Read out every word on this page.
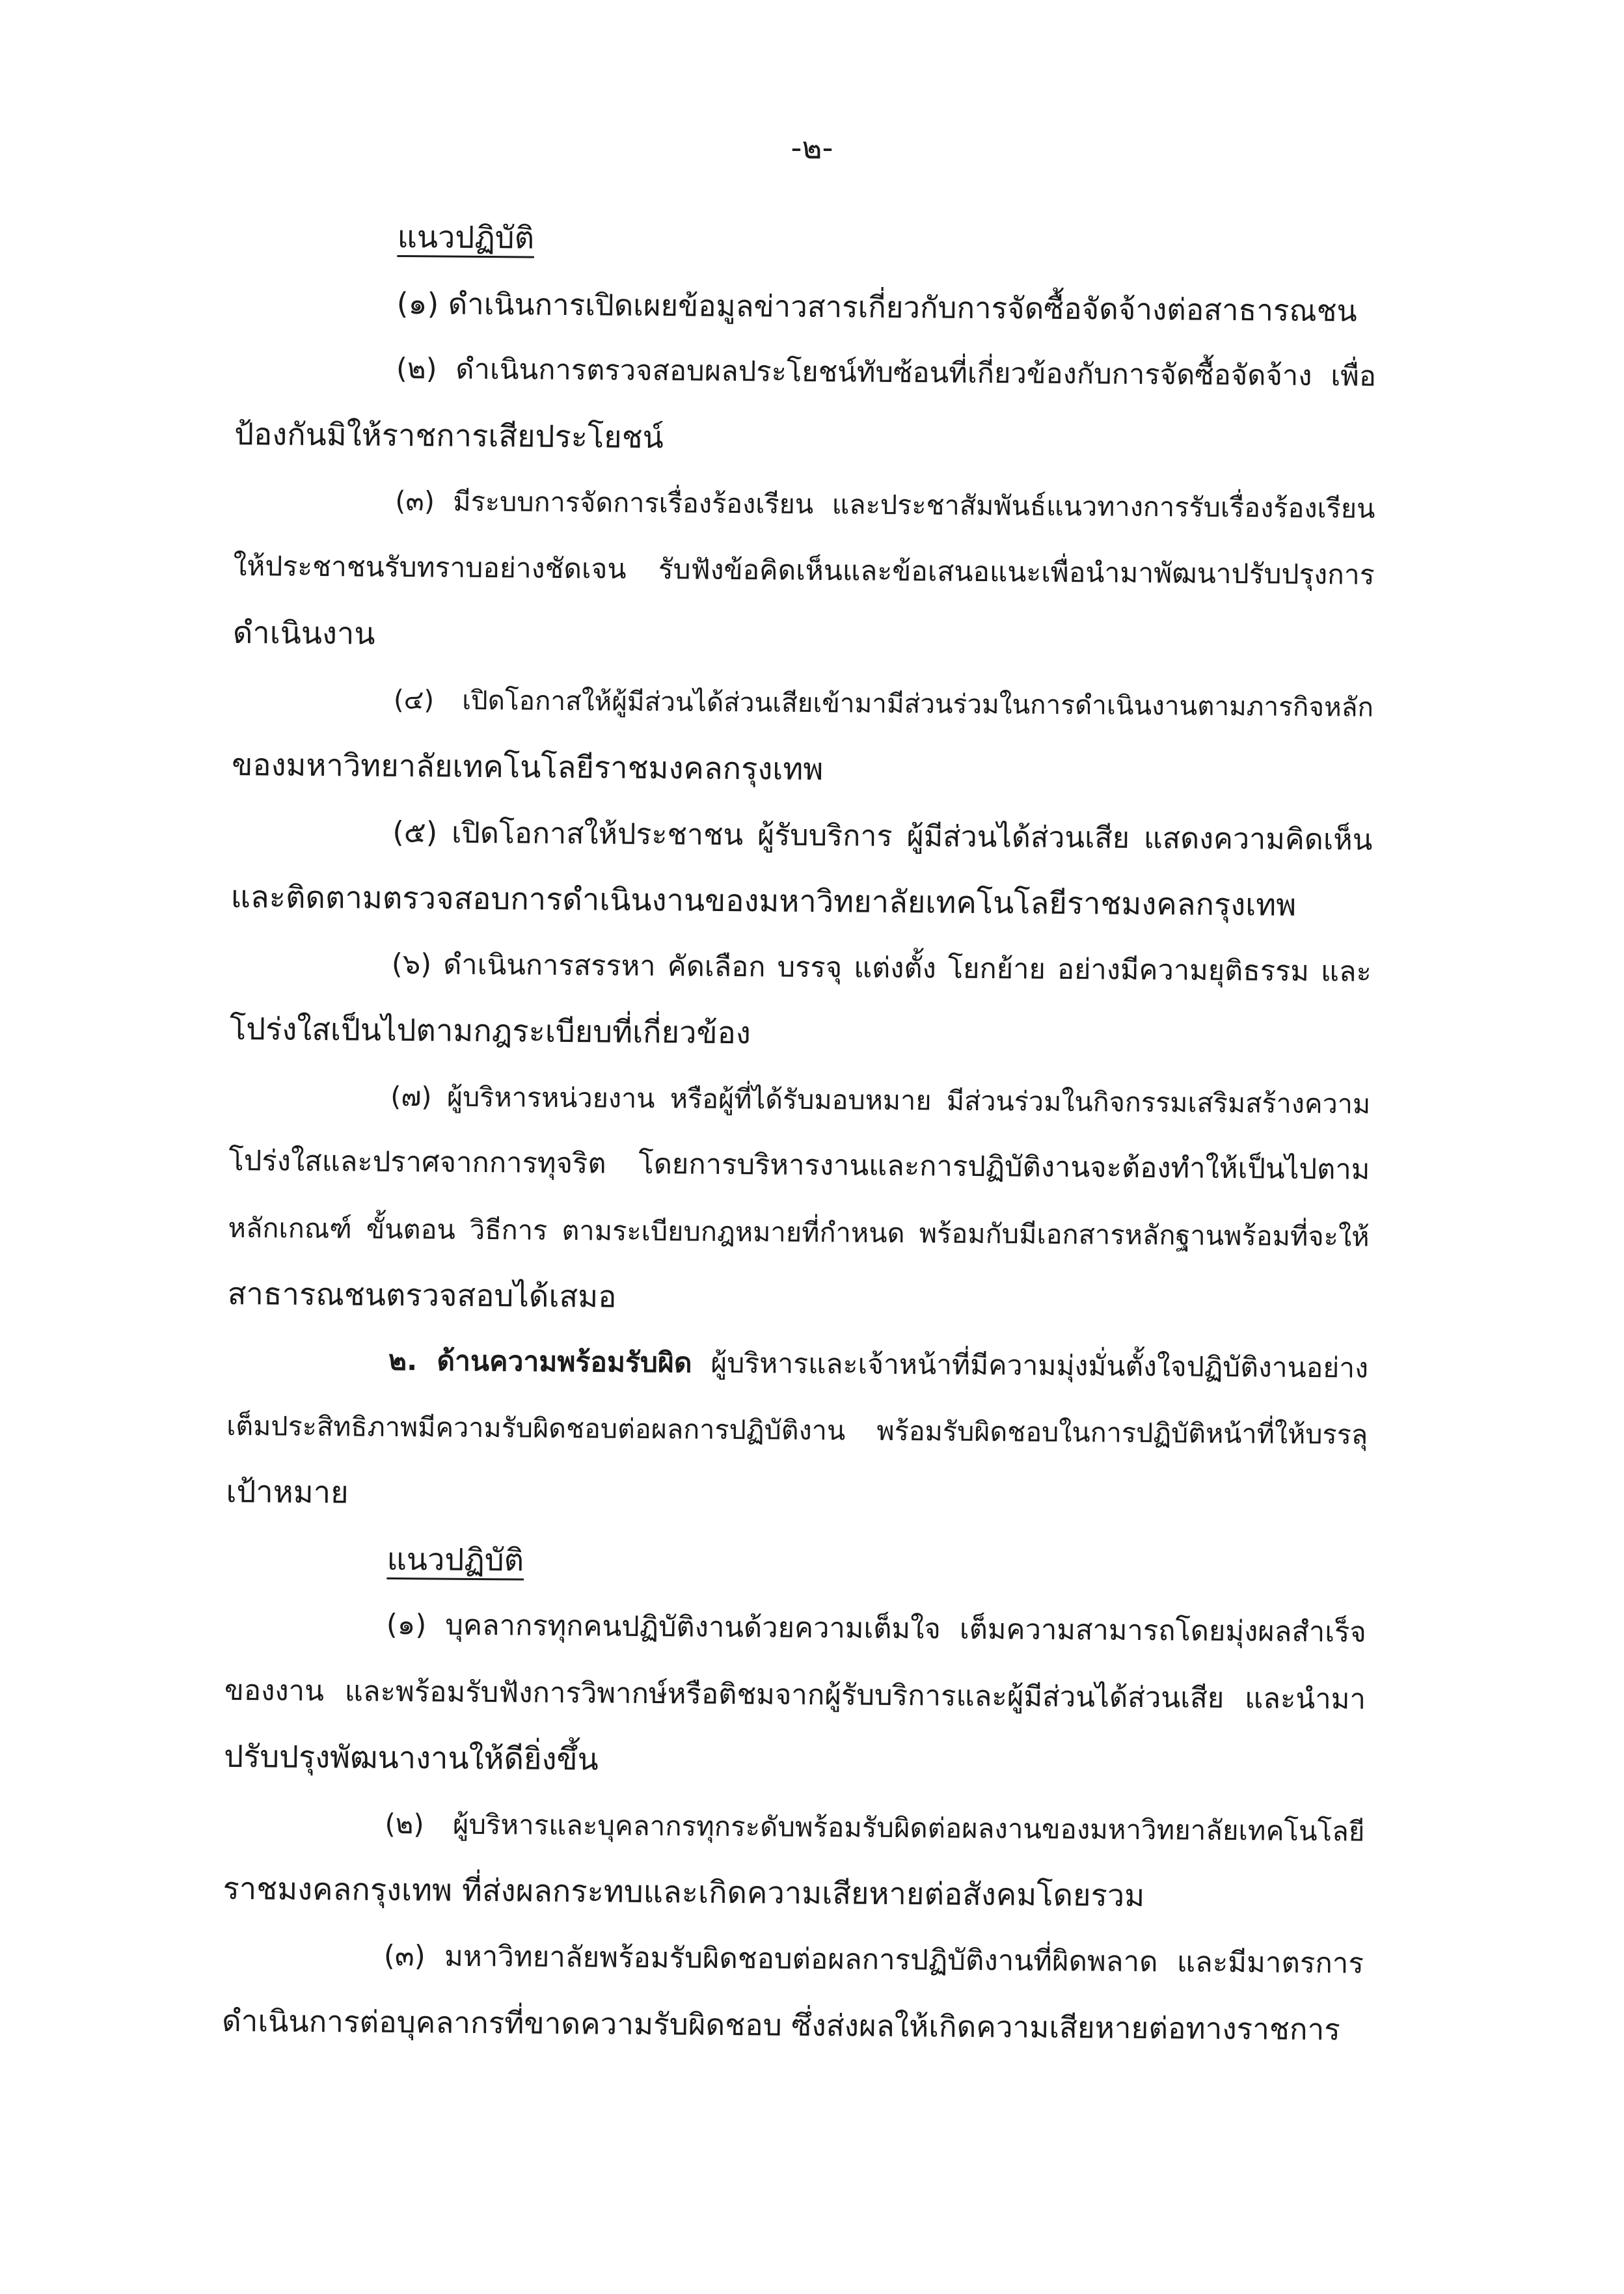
-๒-
แนวปฏิบัติ
(๑) ดำเนินการเปิดเผยข้อมูลข่าวสารเกี่ยวกับการจัดซื้อจัดจ้างต่อสาธารณชน
(๒) ดำเนินการตรวจสอบผลประโยชน์ทับซ้อนที่เกี่ยวข้องกับการจัดซื้อจัดจ้าง เพื่อ
ป้องกันมิให้ราชการเสียประโยชน์
(๓) มีระบบการจัดการเรื่องร้องเรียน และประชาสัมพันธ์แนวทางการรับเรื่องร้องเรียน
ให้ประชาชนรับทราบอย่างชัดเจน รับฟังข้อคิดเห็นและข้อเสนอแนะเพื่อนำมาพัฒนาปรับปรุงการ
ดำเนินงาน
(๔) เปิดโอกาสให้ผู้มีส่วนได้ส่วนเสียเข้ามามีส่วนร่วมในการดำเนินงานตามภารกิจหลัก
ของมหาวิทยาลัยเทคโนโลยีราชมงคลกรุงเทพ
(๕) เปิดโอกาสให้ประชาชน ผู้รับบริการ ผู้มีส่วนได้ส่วนเสีย แสดงความคิดเห็น
และติดตามตรวจสอบการดำเนินงานของมหาวิทยาลัยเทคโนโลยีราชมงคลกรุงเทพ
(๖) ดำเนินการสรรหา คัดเลือก บรรจุ แต่งตั้ง โยกย้าย อย่างมีความยุติธรรม และ
โปร่งใสเป็นไปตามกฎระเบียบที่เกี่ยวข้อง
(๗) ผู้บริหารหน่วยงาน หรือผู้ที่ได้รับมอบหมาย มีส่วนร่วมในกิจกรรมเสริมสร้างความ
โปร่งใสและปราศจากการทุจริต โดยการบริหารงานและการปฏิบัติงานจะต้องทำให้เป็นไปตาม
หลักเกณฑ์ ขั้นตอน วิธีการ ตามระเบียบกฎหมายที่กำหนด พร้อมกับมีเอกสารหลักฐานพร้อมที่จะให้
สาธารณชนตรวจสอบได้เสมอ
๒. ด้านความพร้อมรับผิด ผู้บริหารและเจ้าหน้าที่มีความมุ่งมั่นตั้งใจปฏิบัติงานอย่าง
เต็มประสิทธิภาพมีความรับผิดชอบต่อผลการปฏิบัติงาน พร้อมรับผิดชอบในการปฏิบัติหน้าที่ให้บรรลุ
เป้าหมาย
แนวปฏิบัติ
(๑) บุคลากรทุกคนปฏิบัติงานด้วยความเต็มใจ เต็มความสามารถโดยมุ่งผลสำเร็จ
ของงาน และพร้อมรับฟังการวิพากษ์หรือติชมจากผู้รับบริการและผู้มีส่วนได้ส่วนเสีย และนำมา
ปรับปรุงพัฒนางานให้ดียิ่งขึ้น
(๒) ผู้บริหารและบุคลากรทุกระดับพร้อมรับผิดต่อผลงานของมหาวิทยาลัยเทคโนโลยี
ราชมงคลกรุงเทพ ที่ส่งผลกระทบและเกิดความเสียหายต่อสังคมโดยรวม
(๓) มหาวิทยาลัยพร้อมรับผิดชอบต่อผลการปฏิบัติงานที่ผิดพลาด และมีมาตรการ
ดำเนินการต่อบุคลากรที่ขาดความรับผิดชอบ ซึ่งส่งผลให้เกิดความเสียหายต่อทางราชการ
